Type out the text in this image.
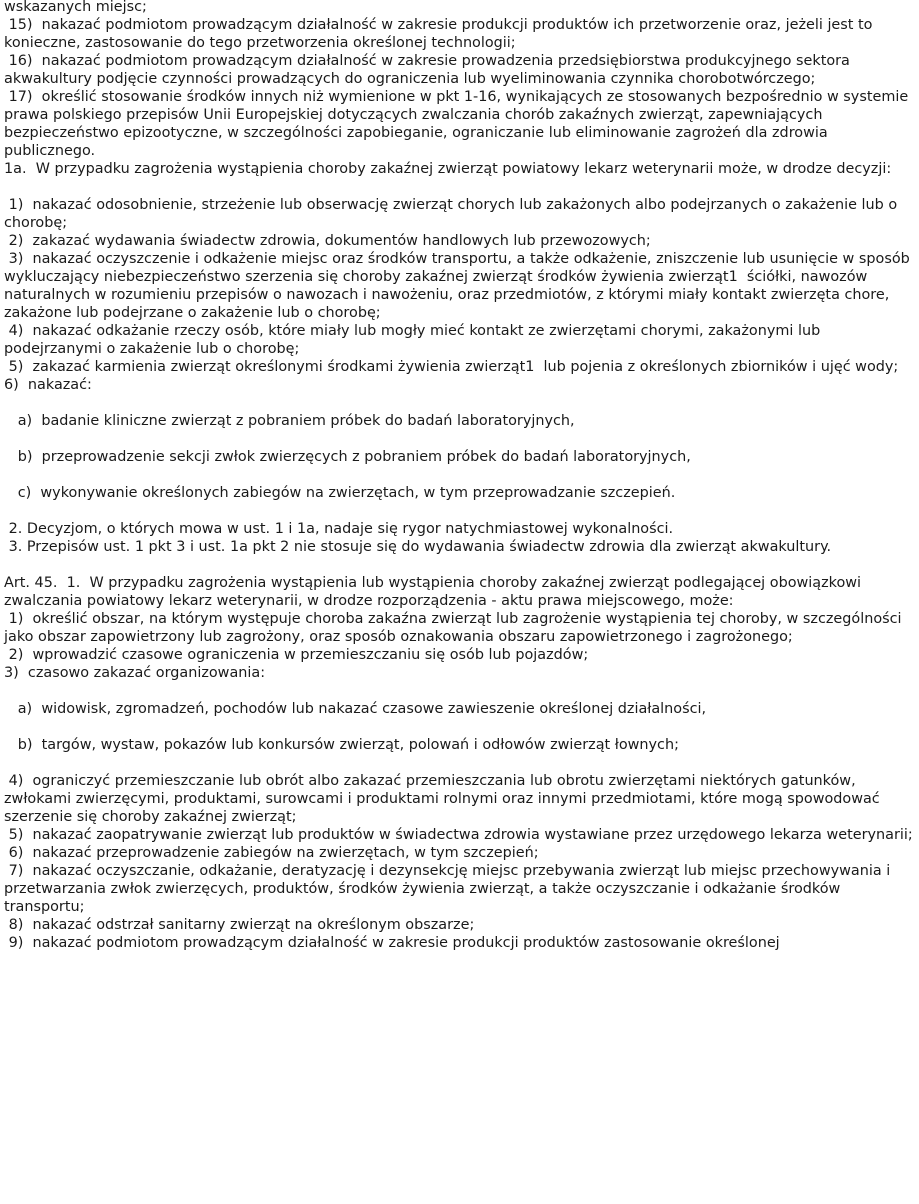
wskazanych miejsc;
15)  nakazać podmiotom prowadzącym działalność w zakresie produkcji produktów ich przetworzenie oraz, jeżeli jest to konieczne, zastosowanie do tego przetworzenia określonej technologii;
16)  nakazać podmiotom prowadzącym działalność w zakresie prowadzenia przedsiębiorstwa produkcyjnego sektora akwakultury podjęcie czynności prowadzących do ograniczenia lub wyeliminowania czynnika chorobotwórczego;
17)  określić stosowanie środków innych niż wymienione w pkt 1-16, wynikających ze stosowanych bezpośrednio w systemie prawa polskiego przepisów Unii Europejskiej dotyczących zwalczania chorób zakaźnych zwierząt, zapewniających bezpieczeństwo epizootyczne, w szczególności zapobieganie, ograniczanie lub eliminowanie zagrożeń dla zdrowia publicznego.
1a.  W przypadku zagrożenia wystąpienia choroby zakaźnej zwierząt powiatowy lekarz weterynarii może, w drodze decyzji:
1)  nakazać odosobnienie, strzeżenie lub obserwację zwierząt chorych lub zakażonych albo podejrzanych o zakażenie lub o chorobę;
2)  zakazać wydawania świadectw zdrowia, dokumentów handlowych lub przewozowych;
3)  nakazać oczyszczenie i odkażenie miejsc oraz środków transportu, a także odkażenie, zniszczenie lub usunięcie w sposób wykluczający niebezpieczeństwo szerzenia się choroby zakaźnej zwierząt środków żywienia zwierząt1  ściółki, nawozów naturalnych w rozumieniu przepisów o nawozach i nawożeniu, oraz przedmiotów, z którymi miały kontakt zwierzęta chore, zakażone lub podejrzane o zakażenie lub o chorobę;
4)  nakazać odkażanie rzeczy osób, które miały lub mogły mieć kontakt ze zwierzętami chorymi, zakażonymi lub podejrzanymi o zakażenie lub o chorobę;
5)  zakazać karmienia zwierząt określonymi środkami żywienia zwierząt1  lub pojenia z określonych zbiorników i ujęć wody;
6)  nakazać:
a)  badanie kliniczne zwierząt z pobraniem próbek do badań laboratoryjnych,
b)  przeprowadzenie sekcji zwłok zwierzęcych z pobraniem próbek do badań laboratoryjnych,
c)  wykonywanie określonych zabiegów na zwierzętach, w tym przeprowadzanie szczepień.
2. Decyzjom, o których mowa w ust. 1 i 1a, nadaje się rygor natychmiastowej wykonalności.
3. Przepisów ust. 1 pkt 3 i ust. 1a pkt 2 nie stosuje się do wydawania świadectw zdrowia dla zwierząt akwakultury.
Art. 45.  1.  W przypadku zagrożenia wystąpienia lub wystąpienia choroby zakaźnej zwierząt podlegającej obowiązkowi zwalczania powiatowy lekarz weterynarii, w drodze rozporządzenia - aktu prawa miejscowego, może:
1)  określić obszar, na którym występuje choroba zakaźna zwierząt lub zagrożenie wystąpienia tej choroby, w szczególności jako obszar zapowietrzony lub zagrożony, oraz sposób oznakowania obszaru zapowietrzonego i zagrożonego;
2)  wprowadzić czasowe ograniczenia w przemieszczaniu się osób lub pojazdów;
3)  czasowo zakazać organizowania:
a)  widowisk, zgromadzeń, pochodów lub nakazać czasowe zawieszenie określonej działalności,
b)  targów, wystaw, pokazów lub konkursów zwierząt, polowań i odłowów zwierząt łownych;
4)  ograniczyć przemieszczanie lub obrót albo zakazać przemieszczania lub obrotu zwierzętami niektórych gatunków, zwłokami zwierzęcymi, produktami, surowcami i produktami rolnymi oraz innymi przedmiotami, które mogą spowodować szerzenie się choroby zakaźnej zwierząt;
5)  nakazać zaopatrywanie zwierząt lub produktów w świadectwa zdrowia wystawiane przez urzędowego lekarza weterynarii;
6)  nakazać przeprowadzenie zabiegów na zwierzętach, w tym szczepień;
7)  nakazać oczyszczanie, odkażanie, deratyzację i dezynsekcję miejsc przebywania zwierząt lub miejsc przechowywania i przetwarzania zwłok zwierzęcych, produktów, środków żywienia zwierząt, a także oczyszczanie i odkażanie środków transportu;
8)  nakazać odstrzał sanitarny zwierząt na określonym obszarze;
9)  nakazać podmiotom prowadzącym działalność w zakresie produkcji produktów zastosowanie określonej
